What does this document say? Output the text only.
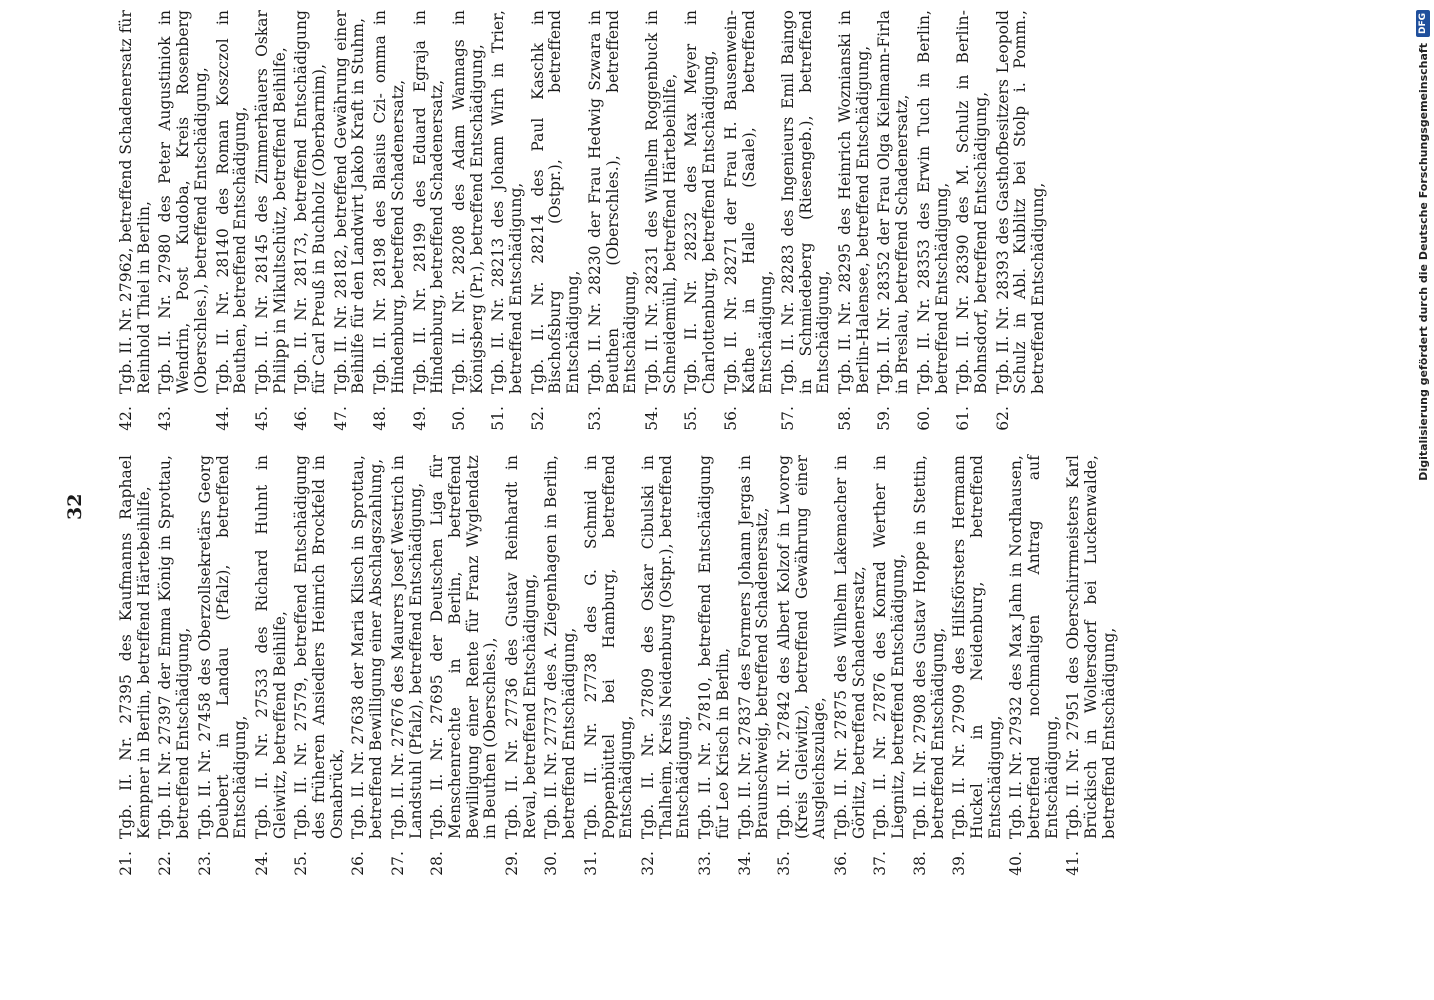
32
21.
Tgb. II. Nr. 27395 des Kaufmanns Raphael Kempner in Berlin, betreffend Härtebeihilfe,
22.
Tgb. II. Nr. 27397 der Emma König in Sprottau, betreffend Entschädigung,
23.
Tgb. II. Nr. 27458 des Oberzollsekretärs Georg Deubert in Landau (Pfalz), betreffend Entschädigung,
24.
Tgb. II. Nr. 27533 des Richard Huhnt in Gleiwitz, betreffend Beihilfe,
25.
Tgb. II. Nr. 27579, betreffend Entschädigung des früheren Ansiedlers Heinrich Brockfeld in Osnabrück,
26.
Tgb. II. Nr. 27638 der Maria Klisch in Sprottau, betreffend Bewilligung einer Abschlagszahlung,
27.
Tgb. II. Nr. 27676 des Maurers Josef Westrich in Landstuhl (Pfalz), betreffend Entschädigung,
28.
Tgb. II. Nr. 27695 der Deutschen Liga für Menschenrechte in Berlin, betreffend Bewilligung einer Rente für Franz Wyglendatz in Beuthen (Oberschles.),
29.
Tgb. II. Nr. 27736 des Gustav Reinhardt in Reval, betreffend Entschädigung,
30.
Tgb. II. Nr. 27737 des A. Ziegenhagen in Berlin, betreffend Entschädigung,
31.
Tgb. II. Nr. 27738 des G. Schmid in Poppenbüttel bei Hamburg, betreffend Entschädigung,
32.
Tgb. II. Nr. 27809 des Oskar Cibulski in Thalheim, Kreis Neidenburg (Ostpr.), betreffend Entschädigung,
33.
Tgb. II. Nr. 27810, betreffend Entschädigung für Leo Krisch in Berlin,
34.
Tgb. II. Nr. 27837 des Formers Johann Jergas in Braunschweig, betreffend Schadenersatz,
35.
Tgb. II. Nr. 27842 des Albert Kolzof in Lworog (Kreis Gleiwitz), betreffend Gewährung einer Ausgleichszulage,
36.
Tgb. II. Nr. 27875 des Wilhelm Lakemacher in Görlitz, betreffend Schadenersatz,
37.
Tgb. II. Nr. 27876 des Konrad Werther in Liegnitz, betreffend Entschädigung,
38.
Tgb. II. Nr. 27908 des Gustav Hoppe in Stettin, betreffend Entschädigung,
39.
Tgb. II. Nr. 27909 des Hilfsförsters Hermann Huckel in Neidenburg, betreffend Entschädigung,
40.
Tgb. II. Nr. 27932 des Max Jahn in Nordhausen, betreffend nochmaligen Antrag auf Entschädigung,
41.
Tgb. II. Nr. 27951 des Oberschirrmeisters Karl Brückisch in Woltersdorf bei Luckenwalde, betreffend Entschädigung,
42.
Tgb. II. Nr. 27962, betreffend Schadenersatz für Reinhold Thiel in Berlin,
43.
Tgb. II. Nr. 27980 des Peter Augustiniok in Wendrin, Post Kudoba, Kreis Rosenberg (Oberschles.), betreffend Entschädigung,
44.
Tgb. II. Nr. 28140 des Roman Koszczol in Beuthen, betreffend Entschädigung,
45.
Tgb. II. Nr. 28145 des Zimmerhäuers Oskar Philipp in Mikultschütz, betreffend Beihilfe,
46.
Tgb. II. Nr. 28173, betreffend Entschädigung für Carl Preuß in Buchholz (Oberbarnim),
47.
Tgb. II. Nr. 28182, betreffend Gewährung einer Beihilfe für den Landwirt Jakob Kraft in Stuhm,
48.
Tgb. II. Nr. 28198 des Blasius Czi- omma in Hindenburg, betreffend Schadenersatz,
49.
Tgb. II. Nr. 28199 des Eduard Egraja in Hindenburg, betreffend Schadenersatz,
50.
Tgb. II. Nr. 28208 des Adam Wannags in Königsberg (Pr.), betreffend Entschädigung,
51.
Tgb. II. Nr. 28213 des Johann Wirh in Trier, betreffend Entschädigung,
52.
Tgb. II. Nr. 28214 des Paul Kaschk in Bischofsburg (Ostpr.), betreffend Entschädigung,
53.
Tgb. II. Nr. 28230 der Frau Hedwig Szwara in Beuthen (Oberschles.), betreffend Entschädigung,
54.
Tgb. II. Nr. 28231 des Wilhelm Roggenbuck in Schneidemühl, betreffend Härtebeihilfe,
55.
Tgb. II. Nr. 28232 des Max Meyer in Charlottenburg, betreffend Entschädigung,
56.
Tgb. II. Nr. 28271 der Frau H. Bausenwein-Kathe in Halle (Saale), betreffend Entschädigung,
57.
Tgb. II. Nr. 28283 des Ingenieurs Emil Baingo in Schmiedeberg (Riesengeb.), betreffend Entschädigung,
58.
Tgb. II. Nr. 28295 des Heinrich Woznianski in Berlin-Halensee, betreffend Entschädigung,
59.
Tgb. II. Nr. 28352 der Frau Olga Kielmann-Firla in Breslau, betreffend Schadenersatz,
60.
Tgb. II. Nr. 28353 des Erwin Tuch in Berlin, betreffend Entschädigung,
61.
Tgb. II. Nr. 28390 des M. Schulz in Berlin-Bohnsdorf, betreffend Entschädigung,
62.
Tgb. II. Nr. 28393 des Gasthofbesitzers Leopold Schulz in Abl. Kublitz bei Stolp i. Pomm., betreffend Entschädigung,	Digitalisierung gefördert durch die Deutsche Forschungsgemeinschaft
DFG
